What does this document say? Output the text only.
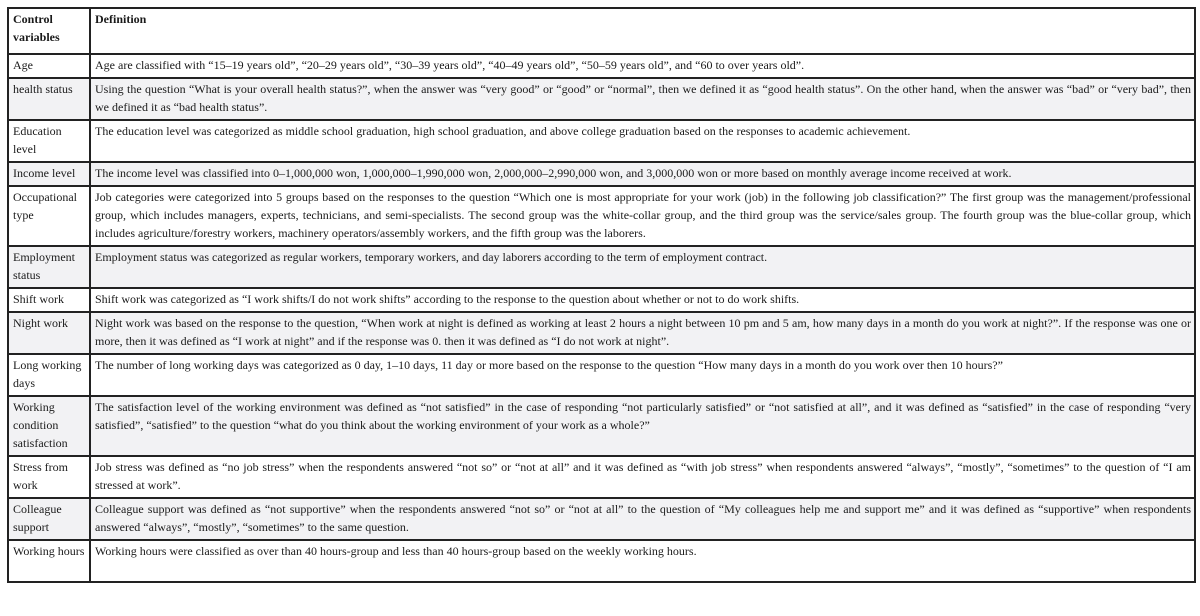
Control variables	Definition
Age	Age are classified with “15–19 years old”, “20–29 years old”, “30–39 years old”, “40–49 years old”, “50–59 years old”, and “60 to over years old”.
health status	Using the question “What is your overall health status?”, when the answer was “very good” or “good” or “normal”, then we defined it as “good health status”. On the other hand, when the answer was “bad” or “very bad”, then we defined it as “bad health status”.
Education level	The education level was categorized as middle school graduation, high school graduation, and above college graduation based on the responses to academic achievement.
Income level	The income level was classified into 0–1,000,000 won, 1,000,000–1,990,000 won, 2,000,000–2,990,000 won, and 3,000,000 won or more based on monthly average income received at work.
Occupational type	Job categories were categorized into 5 groups based on the responses to the question “Which one is most appropriate for your work (job) in the following job classification?” The first group was the management/professional group, which includes managers, experts, technicians, and semi-specialists. The second group was the white-collar group, and the third group was the service/sales group. The fourth group was the blue-collar group, which includes agriculture/forestry workers, machinery operators/assembly workers, and the fifth group was the laborers.
Employment status	Employment status was categorized as regular workers, temporary workers, and day laborers according to the term of employment contract.
Shift work	Shift work was categorized as “I work shifts/I do not work shifts” according to the response to the question about whether or not to do work shifts.
Night work	Night work was based on the response to the question, “When work at night is defined as working at least 2 hours a night between 10 pm and 5 am, how many days in a month do you work at night?”. If the response was one or more, then it was defined as “I work at night” and if the response was 0. then it was defined as “I do not work at night”.
Long working days	The number of long working days was categorized as 0 day, 1–10 days, 11 day or more based on the response to the question “How many days in a month do you work over then 10 hours?”
Working condition satisfaction	The satisfaction level of the working environment was defined as “not satisfied” in the case of responding “not particularly satisfied” or “not satisfied at all”, and it was defined as “satisfied” in the case of responding “very satisfied”, “satisfied” to the question “what do you think about the working environment of your work as a whole?”
Stress from work	Job stress was defined as “no job stress” when the respondents answered “not so” or “not at all” and it was defined as “with job stress” when respondents answered “always”, “mostly”, “sometimes” to the question of “I am stressed at work”.
Colleague support	Colleague support was defined as “not supportive” when the respondents answered “not so” or “not at all” to the question of “My colleagues help me and support me” and it was defined as “supportive” when respondents answered “always”, “mostly”, “sometimes” to the same question.
Working hours	Working hours were classified as over than 40 hours-group and less than 40 hours-group based on the weekly working hours.
